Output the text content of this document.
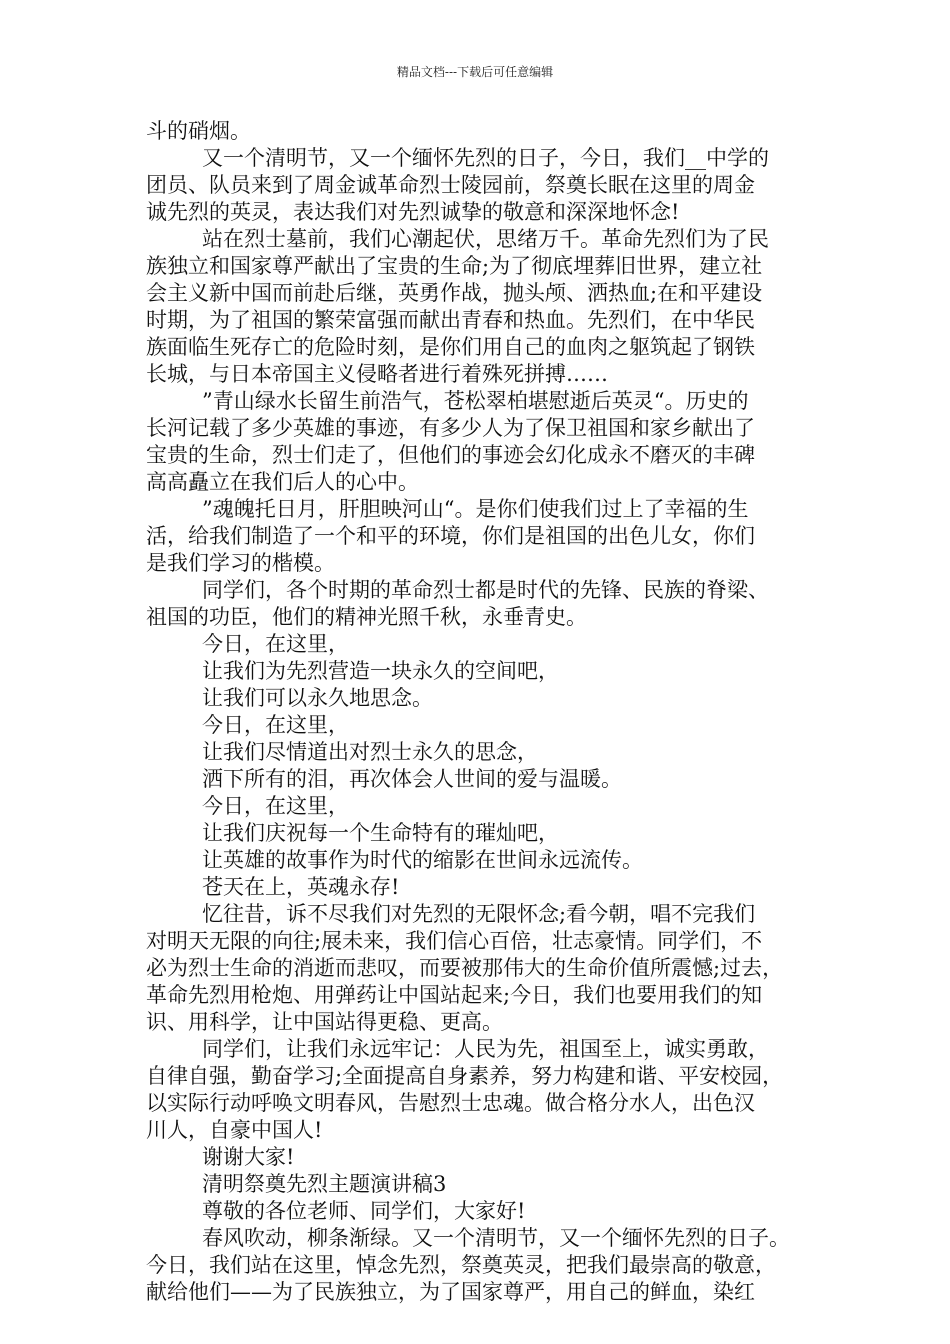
精品文档---下载后可任意编辑
斗的硝烟。
又一个清明节，又一个缅怀先烈的日子，今日，我们__中学的
团员、队员来到了周金诚革命烈士陵园前，祭奠长眠在这里的周金
诚先烈的英灵，表达我们对先烈诚挚的敬意和深深地怀念!
站在烈士墓前，我们心潮起伏，思绪万千。革命先烈们为了民
族独立和国家尊严献出了宝贵的生命;为了彻底埋葬旧世界，建立社
会主义新中国而前赴后继，英勇作战，抛头颅、洒热血;在和平建设
时期，为了祖国的繁荣富强而献出青春和热血。先烈们，在中华民
族面临生死存亡的危险时刻，是你们用自己的血肉之躯筑起了钢铁
长城，与日本帝国主义侵略者进行着殊死拼搏……
”青山绿水长留生前浩气，苍松翠柏堪慰逝后英灵“。历史的
长河记载了多少英雄的事迹，有多少人为了保卫祖国和家乡献出了
宝贵的生命，烈士们走了，但他们的事迹会幻化成永不磨灭的丰碑
高高矗立在我们后人的心中。
”魂魄托日月，肝胆映河山“。是你们使我们过上了幸福的生
活，给我们制造了一个和平的环境，你们是祖国的出色儿女，你们
是我们学习的楷模。
同学们，各个时期的革命烈士都是时代的先锋、民族的脊梁、
祖国的功臣，他们的精神光照千秋，永垂青史。
今日，在这里，
让我们为先烈营造一块永久的空间吧，
让我们可以永久地思念。
今日，在这里，
让我们尽情道出对烈士永久的思念，
洒下所有的泪，再次体会人世间的爱与温暖。
今日，在这里，
让我们庆祝每一个生命特有的璀灿吧，
让英雄的故事作为时代的缩影在世间永远流传。
苍天在上，英魂永存!
忆往昔，诉不尽我们对先烈的无限怀念;看今朝，唱不完我们
对明天无限的向往;展未来，我们信心百倍，壮志豪情。同学们，不
必为烈士生命的消逝而悲叹，而要被那伟大的生命价值所震憾;过去，
革命先烈用枪炮、用弹药让中国站起来;今日，我们也要用我们的知
识、用科学，让中国站得更稳、更高。
同学们，让我们永远牢记：人民为先，祖国至上，诚实勇敢，
自律自强，勤奋学习;全面提高自身素养，努力构建和谐、平安校园，
以实际行动呼唤文明春风，告慰烈士忠魂。做合格分水人，出色汉
川人，自豪中国人!
谢谢大家!
清明祭奠先烈主题演讲稿3
尊敬的各位老师、同学们，大家好!
春风吹动，柳条渐绿。又一个清明节，又一个缅怀先烈的日子。
今日，我们站在这里，悼念先烈，祭奠英灵，把我们最崇高的敬意，
献给他们——为了民族独立，为了国家尊严，用自己的鲜血，染红
